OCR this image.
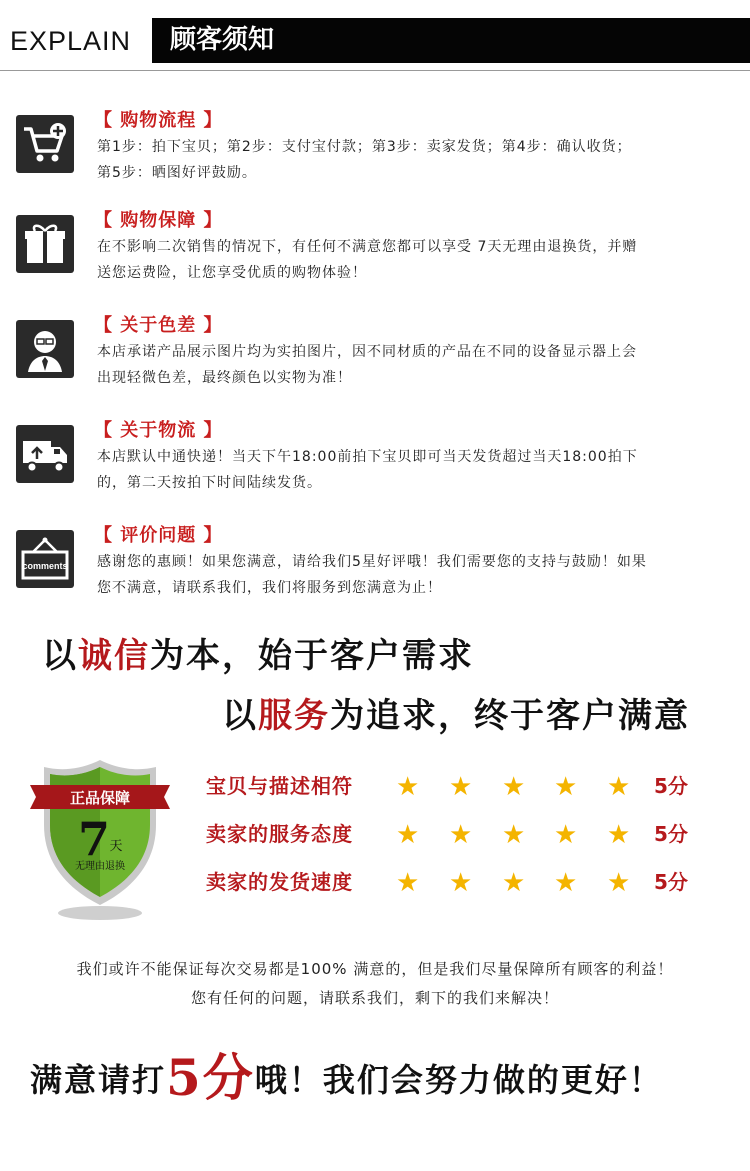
EXPLAIN	顾客须知
【 购物流程 】
第1步：拍下宝贝；第2步：支付宝付款；第3步：卖家发货；第4步：确认收货；
第5步：晒图好评鼓励。
【 购物保障 】
在不影响二次销售的情况下，有任何不满意您都可以享受 7天无理由退换货，并赠
送您运费险，让您享受优质的购物体验！
【 关于色差 】
本店承诺产品展示图片均为实拍图片，因不同材质的产品在不同的设备显示器上会
出现轻微色差，最终颜色以实物为准！
【 关于物流 】
本店默认中通快递！当天下午18:00前拍下宝贝即可当天发货超过当天18:00拍下
的，第二天按拍下时间陆续发货。
comments
【 评价问题 】
感谢您的惠顾！如果您满意，请给我们5星好评哦！我们需要您的支持与鼓励！如果
您不满意，请联系我们，我们将服务到您满意为止！
以诚信为本，始于客户需求
以服务为追求，终于客户满意
正品保障
7 天
无理由退换
宝贝与描述相符 ★ ★ ★ ★ ★ 5分
卖家的服务态度 ★ ★ ★ ★ ★ 5分
卖家的发货速度 ★ ★ ★ ★ ★ 5分
我们或许不能保证每次交易都是100% 满意的，但是我们尽量保障所有顾客的利益！
您有任何的问题，请联系我们，剩下的我们来解决！
满意请打5分哦！我们会努力做的更好！
